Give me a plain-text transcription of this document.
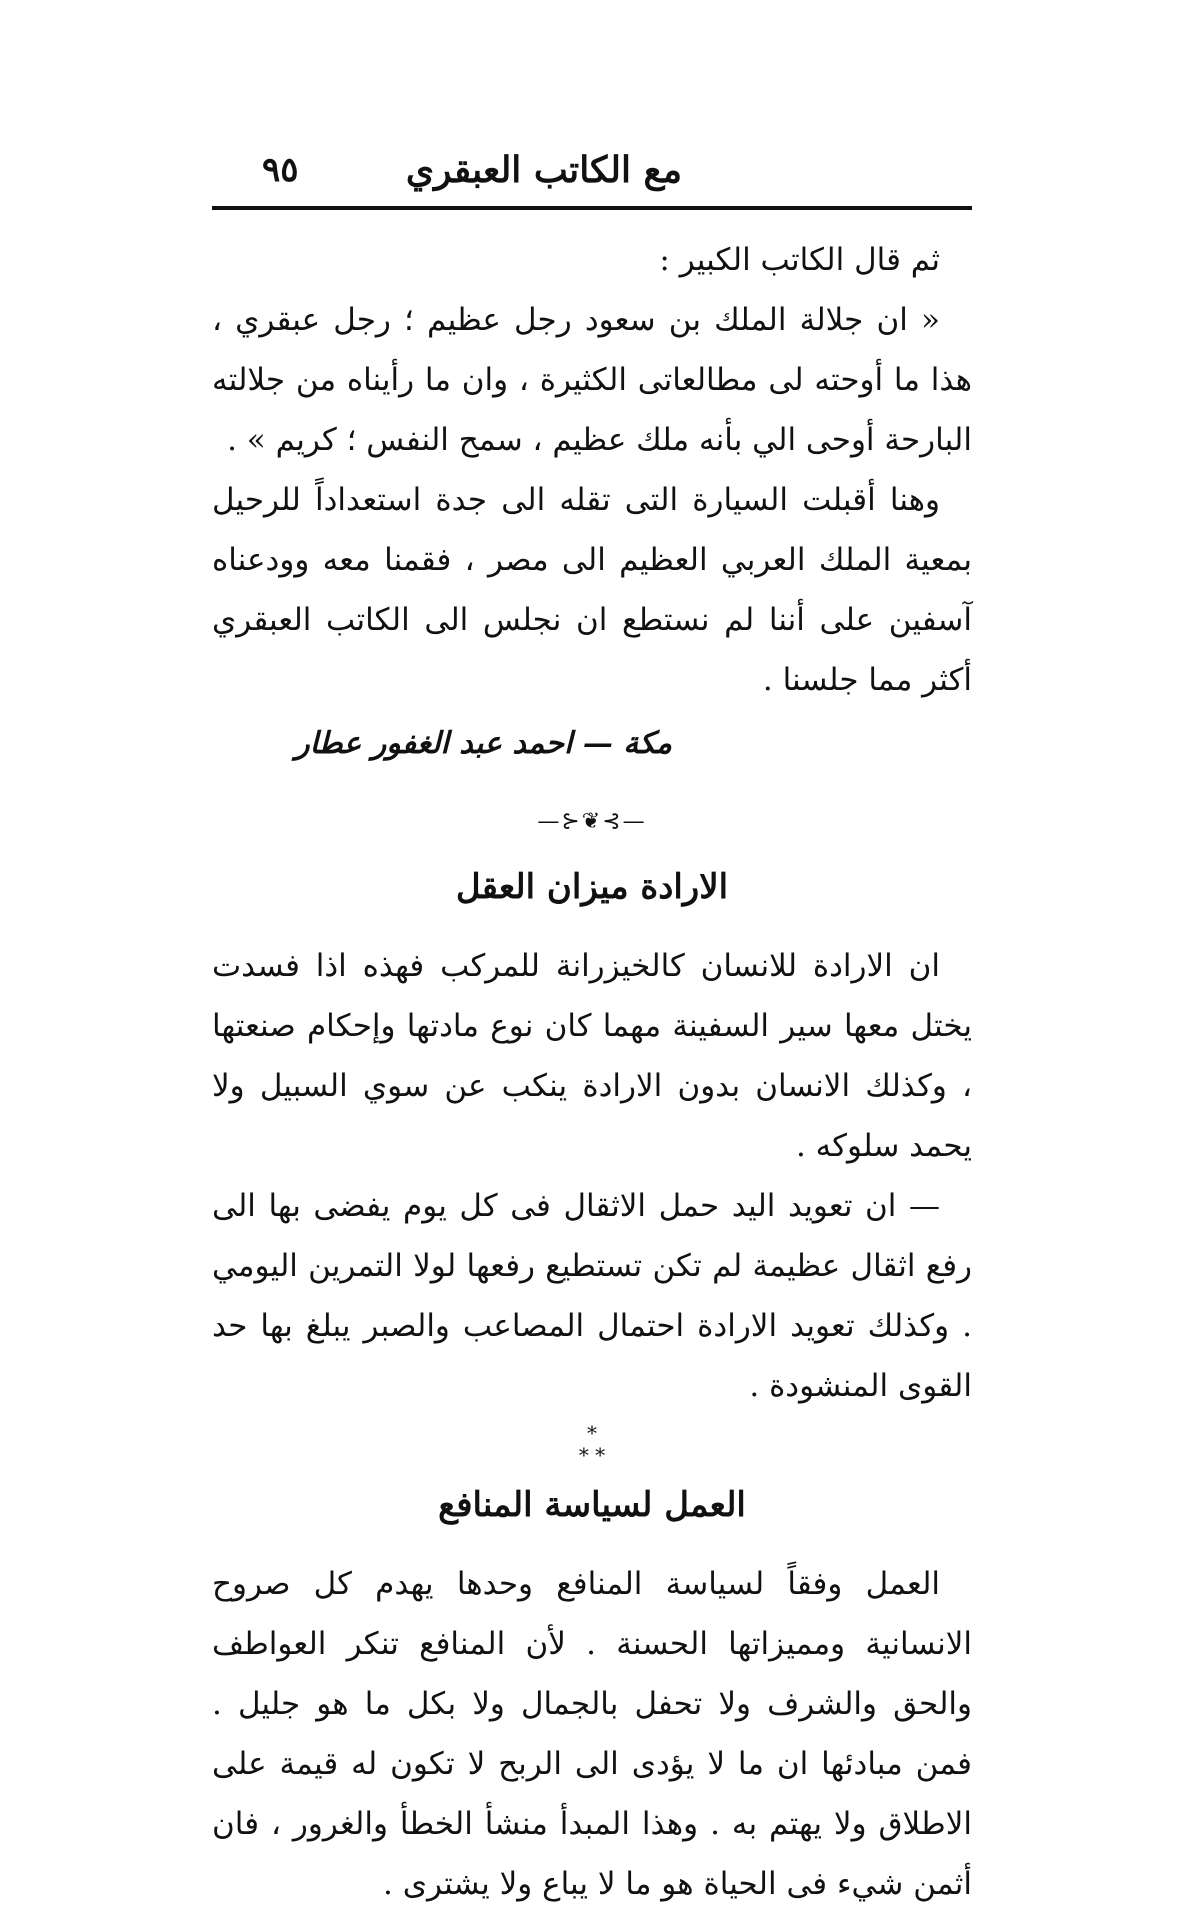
مع الكاتب العبقري
٩٥

ثم قال الكاتب الكبير :

« ان جلالة الملك بن سعود رجل عظيم ؛ رجل عبقري ، هذا ما أوحته لى مطالعاتى الكثيرة ، وان ما رأيناه من جلالته البارحة أوحى الي بأنه ملك عظيم ، سمح النفس ؛ كريم » .

وهنا أقبلت السيارة التى تقله الى جدة استعداداً للرحيل بمعية الملك العربي العظيم الى مصر ، فقمنا معه وودعناه آسفين على أننا لم نستطع ان نجلس الى الكاتب العبقري أكثر مما جلسنا .

مكة — احمد عبد الغفور عطار

—⊱❦⊰—
الارادة ميزان العقل

ان الارادة للانسان كالخيزرانة للمركب فهذه اذا فسدت يختل معها سير السفينة مهما كان نوع مادتها وإحكام صنعتها ، وكذلك الانسان بدون الارادة ينكب عن سوي السبيل ولا يحمد سلوكه .

— ان تعويد اليد حمل الاثقال فى كل يوم يفضى بها الى رفع اثقال عظيمة لم تكن تستطيع رفعها لولا التمرين اليومي . وكذلك تعويد الارادة احتمال المصاعب والصبر يبلغ بها حد القوى المنشودة .

*
* *
العمل لسياسة المنافع

العمل وفقاً لسياسة المنافع وحدها يهدم كل صروح الانسانية ومميزاتها الحسنة . لأن المنافع تنكر العواطف والحق والشرف ولا تحفل بالجمال ولا بكل ما هو جليل . فمن مبادئها ان ما لا يؤدى الى الربح لا تكون له قيمة على الاطلاق ولا يهتم به . وهذا المبدأ منشأ الخطأ والغرور ، فان أثمن شيء فى الحياة هو ما لا يباع ولا يشترى .
